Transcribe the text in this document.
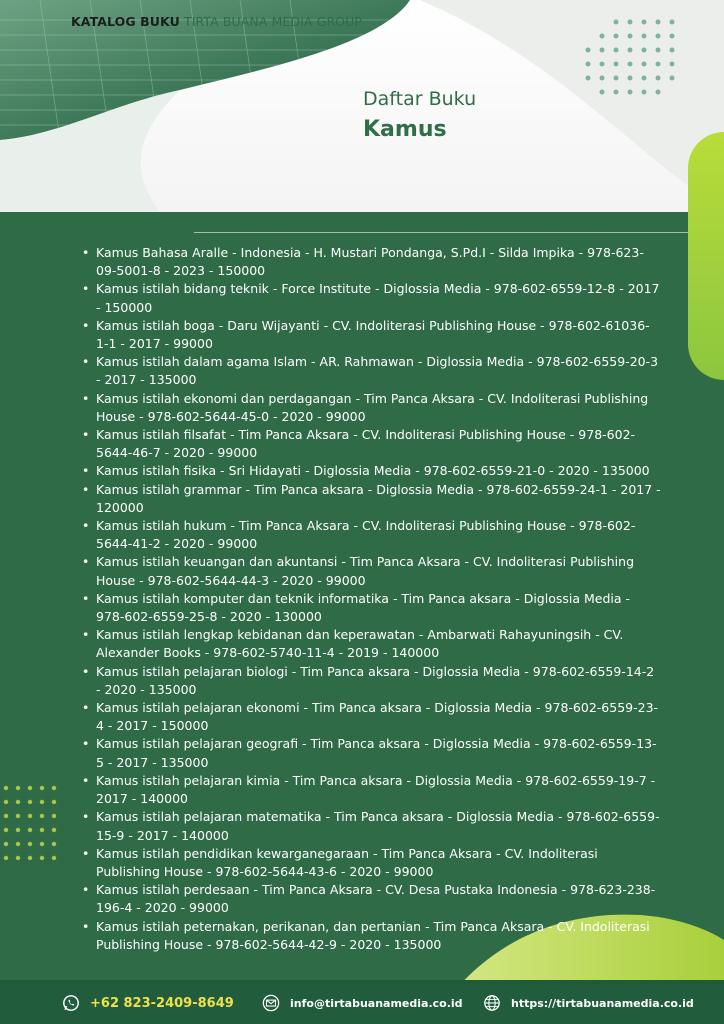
KATALOG BUKU TIRTA BUANA MEDIA GROUP
Daftar Buku
Kamus
• Kamus Bahasa Aralle - Indonesia - H. Mustari Pondanga, S.Pd.I - Silda Impika - 978-623-09-5001-8 - 2023 - 150000
• Kamus istilah bidang teknik - Force Institute - Diglossia Media - 978-602-6559-12-8 - 2017 - 150000
• Kamus istilah boga - Daru Wijayanti - CV. Indoliterasi Publishing House - 978-602-61036-1-1 - 2017 - 99000
• Kamus istilah dalam agama Islam - AR. Rahmawan - Diglossia Media - 978-602-6559-20-3 - 2017 - 135000
• Kamus istilah ekonomi dan perdagangan - Tim Panca Aksara - CV. Indoliterasi Publishing House - 978-602-5644-45-0 - 2020 - 99000
• Kamus istilah filsafat - Tim Panca Aksara - CV. Indoliterasi Publishing House - 978-602-5644-46-7 - 2020 - 99000
• Kamus istilah fisika - Sri Hidayati - Diglossia Media - 978-602-6559-21-0 - 2020 - 135000
• Kamus istilah grammar - Tim Panca aksara - Diglossia Media - 978-602-6559-24-1 - 2017 - 120000
• Kamus istilah hukum - Tim Panca Aksara - CV. Indoliterasi Publishing House - 978-602-5644-41-2 - 2020 - 99000
• Kamus istilah keuangan dan akuntansi - Tim Panca Aksara - CV. Indoliterasi Publishing House - 978-602-5644-44-3 - 2020 - 99000
• Kamus istilah komputer dan teknik informatika - Tim Panca aksara - Diglossia Media - 978-602-6559-25-8 - 2020 - 130000
• Kamus istilah lengkap kebidanan dan keperawatan - Ambarwati Rahayuningsih - CV. Alexander Books - 978-602-5740-11-4 - 2019 - 140000
• Kamus istilah pelajaran biologi - Tim Panca aksara - Diglossia Media - 978-602-6559-14-2 - 2020 - 135000
• Kamus istilah pelajaran ekonomi - Tim Panca aksara - Diglossia Media - 978-602-6559-23-4 - 2017 - 150000
• Kamus istilah pelajaran geografi - Tim Panca aksara - Diglossia Media - 978-602-6559-13-5 - 2017 - 135000
• Kamus istilah pelajaran kimia - Tim Panca aksara - Diglossia Media - 978-602-6559-19-7 - 2017 - 140000
• Kamus istilah pelajaran matematika - Tim Panca aksara - Diglossia Media - 978-602-6559-15-9 - 2017 - 140000
• Kamus istilah pendidikan kewarganegaraan - Tim Panca Aksara - CV. Indoliterasi Publishing House - 978-602-5644-43-6 - 2020 - 99000
• Kamus istilah perdesaan - Tim Panca Aksara - CV. Desa Pustaka Indonesia - 978-623-238-196-4 - 2020 - 99000
• Kamus istilah peternakan, perikanan, dan pertanian - Tim Panca Aksara - CV. Indoliterasi Publishing House - 978-602-5644-42-9 - 2020 - 135000
+62 823-2409-8649	info@tirtabuanamedia.co.id	https://tirtabuanamedia.co.id
